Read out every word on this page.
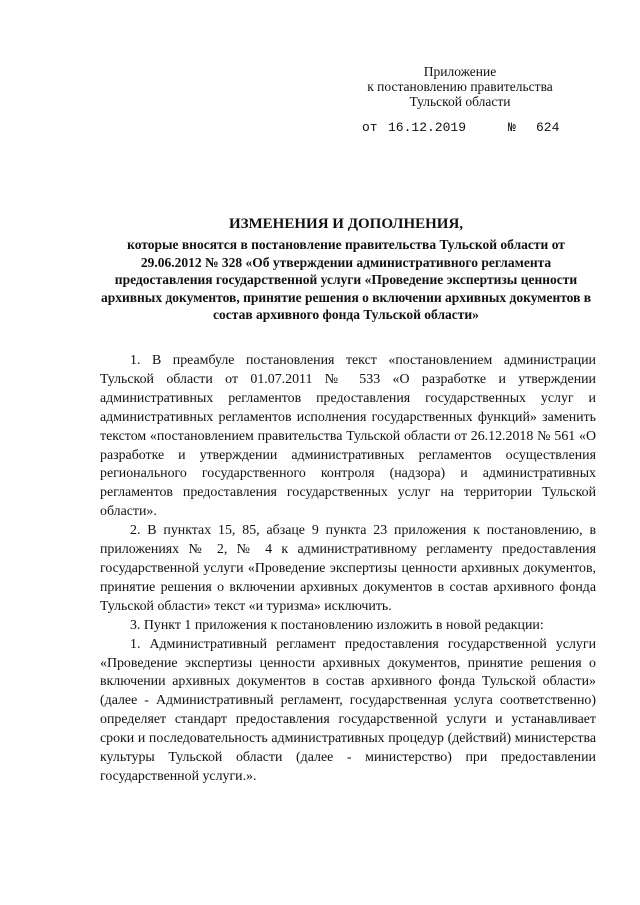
Приложение
к постановлению правительства
Тульской области
от 16.12.2019	№ 624
ИЗМЕНЕНИЯ И ДОПОЛНЕНИЯ,
которые вносятся в постановление правительства Тульской области от 29.06.2012 № 328 «Об утверждении административного регламента предоставления государственной услуги «Проведение экспертизы ценности архивных документов, принятие решения о включении архивных документов в состав архивного фонда Тульской области»

1. В преамбуле постановления текст «постановлением администрации Тульской области от 01.07.2011 № 533 «О разработке и утверждении административных регламентов предоставления государственных услуг и административных регламентов исполнения государственных функций» заменить текстом «постановлением правительства Тульской области от 26.12.2018 № 561 «О разработке и утверждении административных регламентов осуществления регионального государственного контроля (надзора) и административных регламентов предоставления государственных услуг на территории Тульской области».

2. В пунктах 15, 85, абзаце 9 пункта 23 приложения к постановлению, в приложениях № 2, № 4 к административному регламенту предоставления государственной услуги «Проведение экспертизы ценности архивных документов, принятие решения о включении архивных документов в состав архивного фонда Тульской области» текст «и туризма» исключить.

3. Пункт 1 приложения к постановлению изложить в новой редакции:

1. Административный регламент предоставления государственной услуги «Проведение экспертизы ценности архивных документов, принятие решения о включении архивных документов в состав архивного фонда Тульской области» (далее - Административный регламент, государственная услуга соответственно) определяет стандарт предоставления государственной услуги и устанавливает сроки и последовательность административных процедур (действий) министерства культуры Тульской области (далее - министерство) при предоставлении государственной услуги.».
